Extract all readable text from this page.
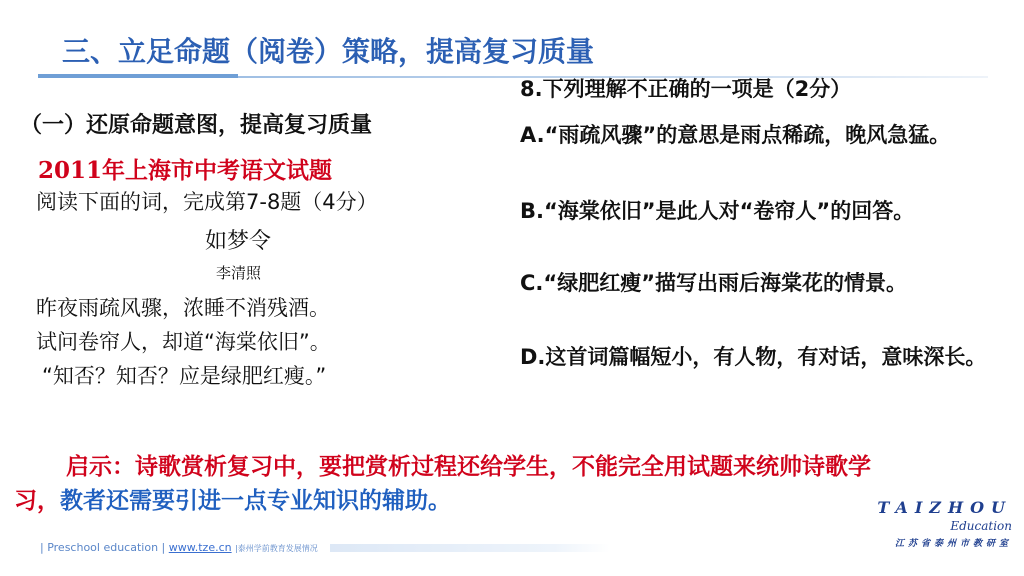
三、立足命题（阅卷）策略，提高复习质量
（一）还原命题意图，提高复习质量
2011年上海市中考语文试题
阅读下面的词，完成第7-8题（4分）
如梦令
李清照
昨夜雨疏风骤，浓睡不消残酒。
试问卷帘人，却道“海棠依旧”。
“知否？知否？应是绿肥红瘦。”
8.下列理解不正确的一项是（2分）
A.“雨疏风骤”的意思是雨点稀疏，晚风急猛。
B.“海棠依旧”是此人对“卷帘人”的回答。
C.“绿肥红瘦”描写出雨后海棠花的情景。
D.这首词篇幅短小，有人物，有对话，意味深长。
启示：诗歌赏析复习中，要把赏析过程还给学生，不能完全用试题来统帅诗歌学习，教者还需要引进一点专业知识的辅助。	TAIZHOU
Education
江苏省泰州市教研室
| Preschool education | www.tze.cn |泰州学前教育发展情况
